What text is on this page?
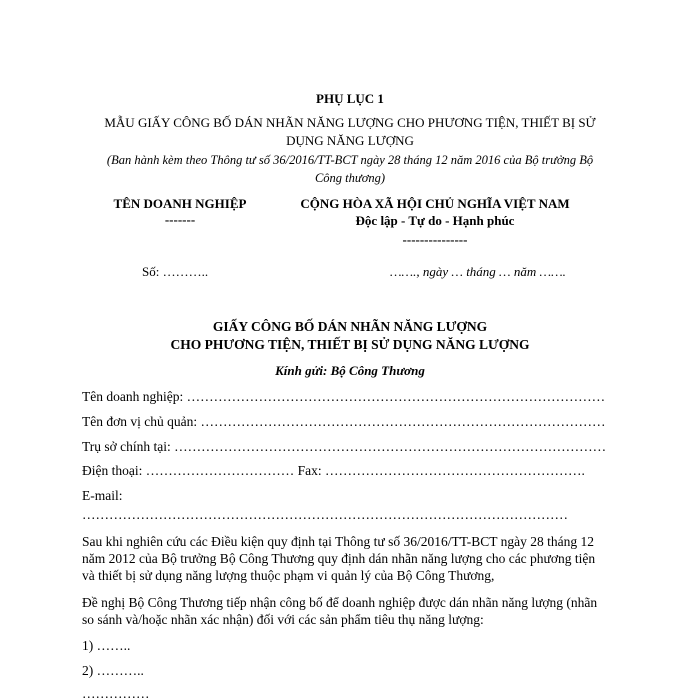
PHỤ LỤC 1
MẪU GIẤY CÔNG BỐ DÁN NHÃN NĂNG LƯỢNG CHO PHƯƠNG TIỆN, THIẾT BỊ SỬ
DỤNG NĂNG LƯỢNG
(Ban hành kèm theo Thông tư số 36/2016/TT-BCT ngày 28 tháng 12 năm 2016 của Bộ trưởng Bộ
Công thương)
TÊN DOANH NGHIỆP
-------
CỘNG HÒA XÃ HỘI CHỦ NGHĨA VIỆT NAM
Độc lập - Tự do - Hạnh phúc
---------------
Số: ………..	……., ngày … tháng … năm …….
GIẤY CÔNG BỐ DÁN NHÃN NĂNG LƯỢNG
CHO PHƯƠNG TIỆN, THIẾT BỊ SỬ DỤNG NĂNG LƯỢNG
Kính gửi: Bộ Công Thương
Tên doanh nghiệp: …………………………………………………………………………………
Tên đơn vị chủ quản: ………………………………………………………………………………
Trụ sở chính tại: ……………………………………………………………………………………
Điện thoại: …………………………… Fax: ………………………………………………….
E-mail:
………………………………………………………………………………………………
Sau khi nghiên cứu các Điều kiện quy định tại Thông tư số 36/2016/TT-BCT ngày 28 tháng 12
năm 2012 của Bộ trưởng Bộ Công Thương quy định dán nhãn năng lượng cho các phương tiện
và thiết bị sử dụng năng lượng thuộc phạm vi quản lý của Bộ Công Thương,
Đề nghị Bộ Công Thương tiếp nhận công bố để doanh nghiệp được dán nhãn năng lượng (nhãn
so sánh và/hoặc nhãn xác nhận) đối với các sản phẩm tiêu thụ năng lượng:
1) ……..
2) ………..
……………
